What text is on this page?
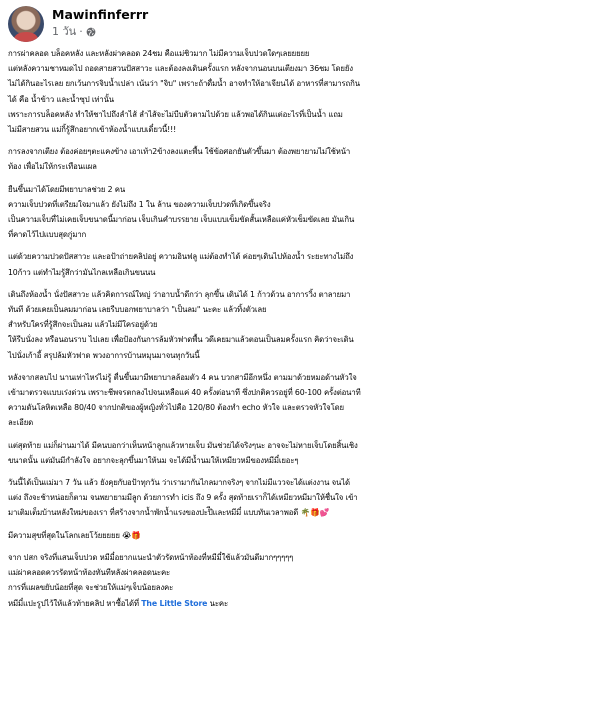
Mawinfinferrr
1 วัน ·
การผ่าคลอด บล็อคหลัง และหลังผ่าคลอด 24ชม คือแม่ชิวมาก ไม่มีความเจ็บปวดใดๆเลยยยยย
แต่หลังความชาหมดไป ถอดสายสวนปัสสาวะ และต้องลงเดินครั้งแรก หลังจากนอนบนเตียงมา 36ชม โดยยัง
ไม่ได้กินอะไรเลย ยกเว้นการจิบน้ำเปล่า เน้นว่า "จิบ" เพราะถ้าดื่มน้ำ อาจทำให้อาเจียนได้ อาหารที่สามารถกิน
ได้ คือ น้ำข้าว และน้ำซุป เท่านั้น
เพราะการบล็อคหลัง ทำให้ชาไปถึงลำไส้ ลำไส้จะไม่บีบตัวตามไปด้วย แล้วพอได้กินแต่อะไรที่เป็นน้ำ แถม
ไม่มีสายสวน แม่กิ้รู้สึกอยากเข้าห้องน้ำแบบเดี๋ยวนี้!!!
การลงจากเตียง ต้องค่อยๆตะแคงข้าง เอาเท้า2ข้างลงแตะพื้น ใช้ข้อศอกยันตัวขึ้นมา ต้องพยายามไม่ใช้หน้า
ท้อง เพื่อไม่ให้กระเทือนแผล
ยืนขึ้นมาได้โดยมีพยาบาลช่วย 2 คน
ความเจ็บปวดที่เตรียมใจมาแล้ว ยังไม่ถึง 1 ใน ล้าน ของความเจ็บปวดที่เกิดขึ้นจริง
เป็นความเจ็บที่ไม่เคยเจ็บขนาดนี้มาก่อน เจ็บเกินคำบรรยาย เจ็บแบบเข็มขัดสั้นเหลือแค่หัวเข็มขัดเลย มันเกิน
ที่คาดไว้ไปแบบสุดกู่มาก
แต่ด้วยความปวดปัสสาวะ และอป้าถ่ายคลิปอยู่ ความอินฟลู แม่ต้องทำได้ ค่อยๆเดินไปห้องน้ำ ระยะทางไม่ถึง
10ก้าว แต่ทำไมรู้สึกว่ามันไกลเหลือเกินขนนน
เดินถึงห้องน้ำ นั่งปัสสาวะ แล้วคิดการณ์ใหญ่ ว่าอาบน้ำดีกว่า ลุกขึ้น เดินได้ 1 ก้าวด้วน อาการวิ้ง ตาลายมา
ทันที ด้วยเคยเป็นลมมาก่อน เลยรีบบอกพยาบาลว่า "เป็นลม" นะคะ แล้วทิ้งตัวเลย
สำหรับใครที่รู้สึกจะเป็นลม แล้วไม่มีใครอยู่ด้วย
ให้รีบนั่งลง หรือนอนราบ ไปเลย เพื่อป้องกันการล้มหัวฟาดพื้น วดีเคยมาแล้วตอนเป็นลมครั้งแรก คิดว่าจะเดิน
ไปนั่งเก้าอี้ สรุปล้มหัวฟาด พวงอาการบ้านหมุนมาจนทุกวันนี้
หลังจากสลบไป นานเท่าไหร่ไม่รู้ ตื่นขึ้นมามีพยาบาลล้อมตัว 4 คน บวกสามีอีกหนึ่ง ตามมาด้วยหมอด้านหัวใจ
เข้ามาตรวจแบบเร่งด่วน เพราะชีพจรตกลงไปจนเหลือแค่ 40 ครั้งต่อนาที ซึ่งปกติควรอยู่ที่ 60-100 ครั้งต่อนาที
ความดันโลหิตเหลือ 80/40 จากปกติของผู้หญิงทั่วไปคือ 120/80 ต้องทำ echo หัวใจ และตรวจหัวใจโดย
ละเอียด
แต่สุดท้าย แม่ก็ผ่านมาได้ มีคนบอกว่าเห็นหน้าลูกแล้วหายเจ็บ มันช่วยได้จริงๆนะ อาจจะไม่หายเจ็บโดยสิ้นเชิง
ขนาดนั้น แต่มันมีกำลังใจ อยากจะลุกขึ้นมาให้นม จะได้มีน้ำนมให้เหมียวหมีของหมีมี๋เยอะๆ
วันนี้ได้เป็นแม่มา 7 วัน แล้ว ยังคุยกับอป้าทุกวัน ว่าเรามากันไกลมากจริงๆ จากไม่มีแววจะได้แต่งงาน จนได้
แต่ง ถึงจะช้าหน่อยก็ตาม จนพยายามมีลูก ด้วยการทำ icis ถึง 9 ครั้ง สุดท้ายเราก็ได้เหมียวหมีมาให้ชื่นใจ เข้า
มาเติมเต็มบ้านหลังใหม่ของเรา ที่สร้างจากน้ำพักน้ำแรงของปะป๊ีและหมีมี๋ แบบทันเวลาพอดี 🌴🎁💕
มีความสุขที่สุดในโลกเลยโว้ยยยยย 😭🎁
จาก ปสก จริงที่แสนเจ็บปวด หมีมี๋อยากแนะนำตัวรัดหน้าท้องที่หมีมี๋ใช้แล้วมันดีมากๆๆๆๆๆ
แม่ผ่าคลอดควรรัดหน้าท้องทันทีหลังผ่าคลอดนะคะ
การที่แผลขยับน้อยที่สุด จะช่วยให้แม่ๆเจ็บน้อยลงคะ
หมีมี๋แปะรูปไว้ให้แล้วท้ายคลิป หาซื้อได้ที่ The Little Store นะคะ
